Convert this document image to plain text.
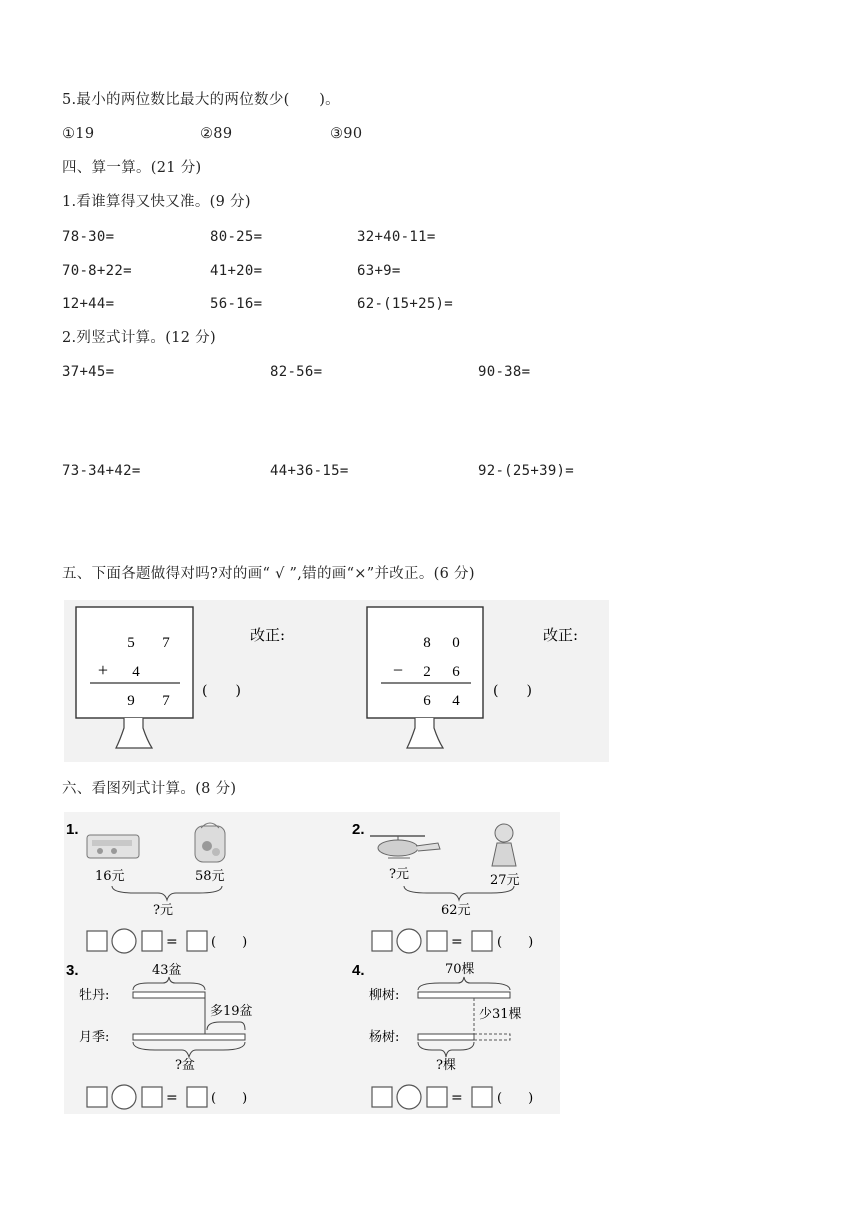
5.最小的两位数比最大的两位数少(　　)。
①19	②89	③90
四、算一算。(21 分)
1.看谁算得又快又准。(9 分)
78-30=	80-25=	32+40-11=
70-8+22=	41+20=	63+9=
12+44=	56-16=	62-(15+25)=
2.列竖式计算。(12 分)
37+45=	82-56=	90-38=
73-34+42=	44+36-15=	92-(25+39)=
五、下面各题做得对吗?对的画“ √ ”,错的画“×”并改正。(6 分)
5 7
+ 4
9 7
(　　)
改正:	8 0
− 2 6
6 4
(　　)
改正:
六、看图列式计算。(8 分)
1.
16元	58元
?元
=	(　　)
2.
?元	27元
62元
=	(　　)
3.	43盆
牡丹:
月季:
多19盆
?盆
=	(　　)
4.	70棵
柳树:
杨树:
少31棵
?棵
=	(　　)
